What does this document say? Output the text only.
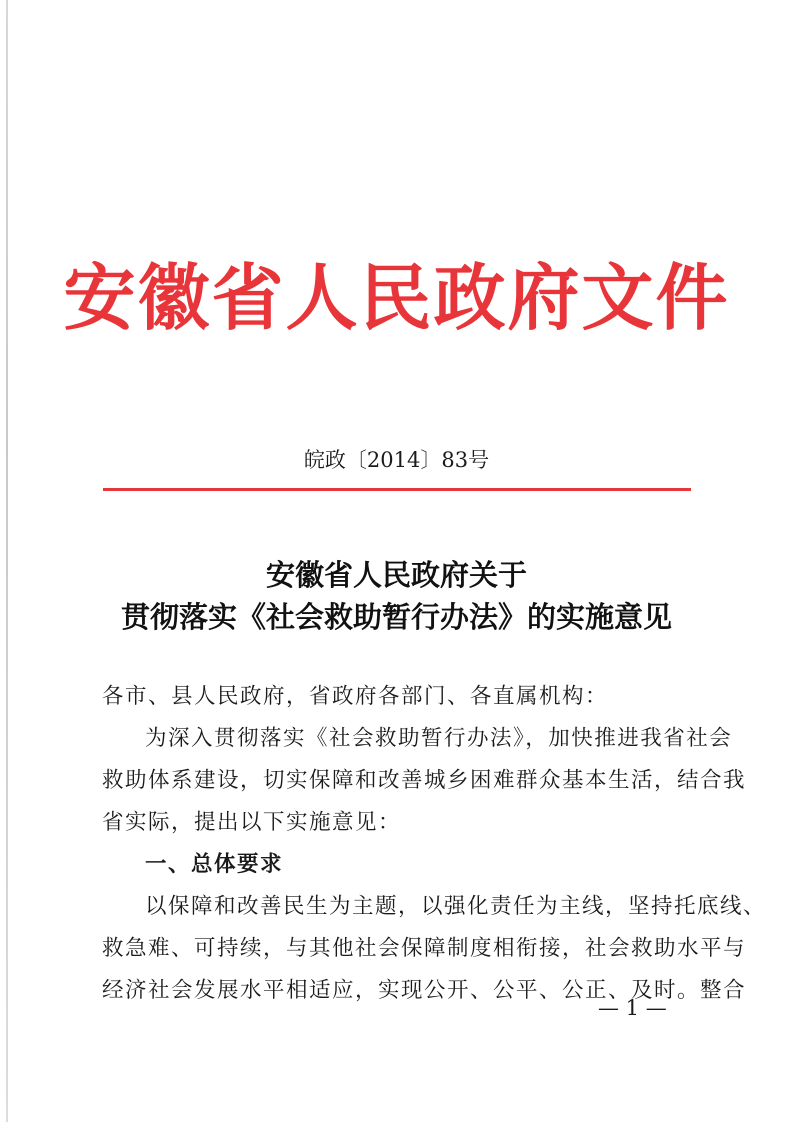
安徽省人民政府文件
皖政〔2014〕83号
安徽省人民政府关于
贯彻落实《社会救助暂行办法》的实施意见
各市、县人民政府，省政府各部门、各直属机构：
为深入贯彻落实《社会救助暂行办法》，加快推进我省社会
救助体系建设，切实保障和改善城乡困难群众基本生活，结合我
省实际，提出以下实施意见：
一、总体要求
以保障和改善民生为主题，以强化责任为主线，坚持托底线、
救急难、可持续，与其他社会保障制度相衔接，社会救助水平与
经济社会发展水平相适应，实现公开、公平、公正、及时。整合
— 1 —
